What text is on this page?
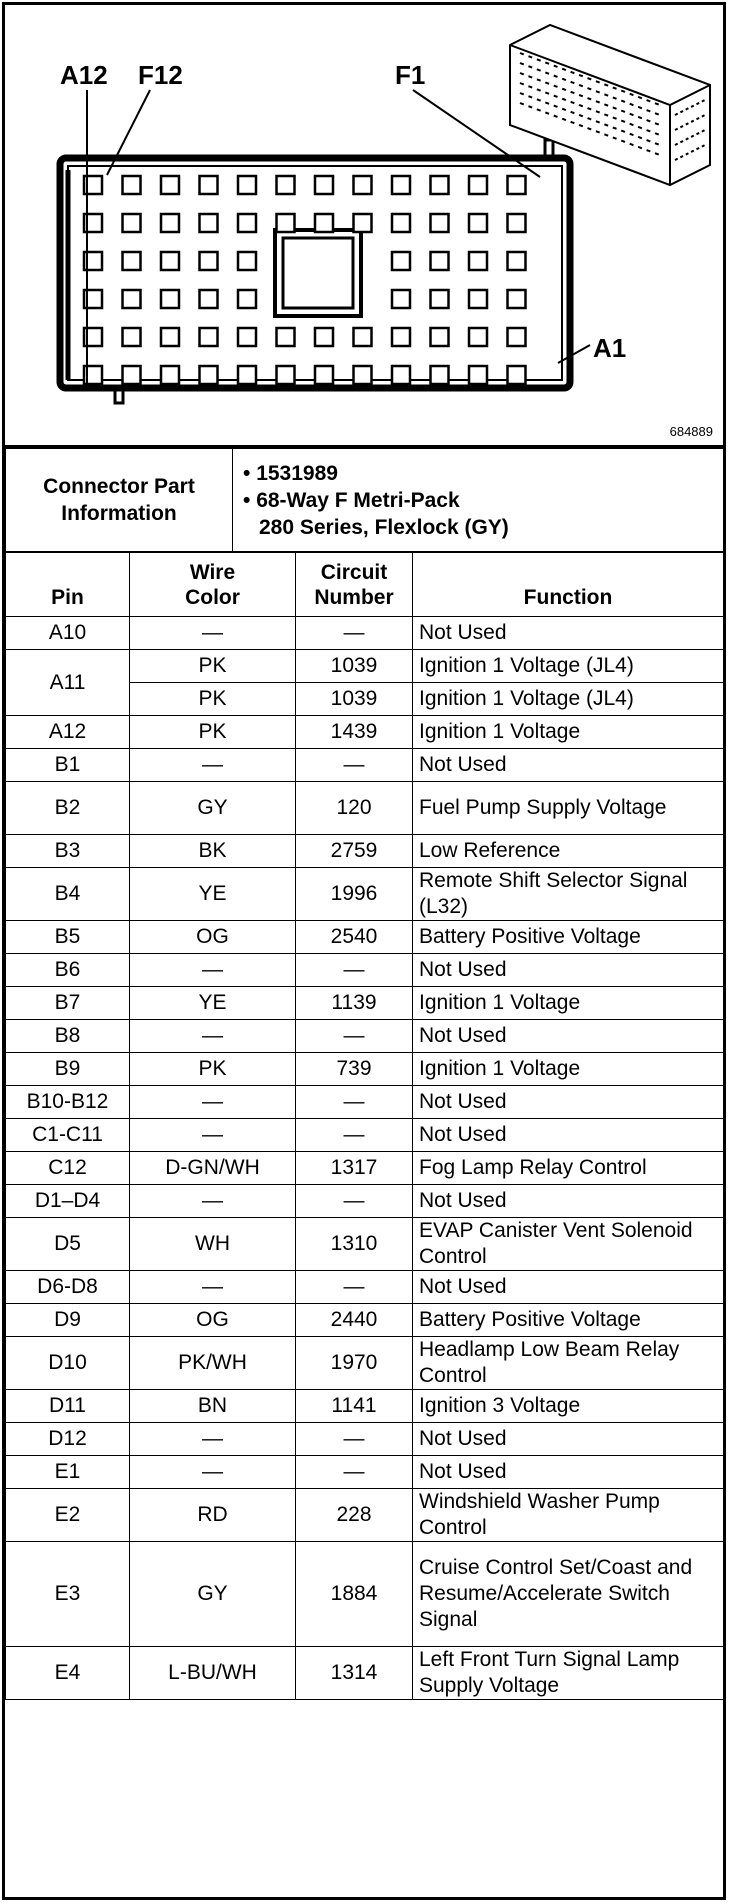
A12 F12	F1
A1
684889
Connector Part Information	
• 1531989
• 68-Way F Metri-Pack
280 Series, Flexlock (GY)
Pin	Wire Color	Circuit Number	Function
A10	—	—	Not Used
A11	PK	1039	Ignition 1 Voltage (JL4)
	PK	1039	Ignition 1 Voltage (JL4)
A12	PK	1439	Ignition 1 Voltage
B1	—	—	Not Used
B2	GY	120	Fuel Pump Supply Voltage
B3	BK	2759	Low Reference
B4	YE	1996	Remote Shift Selector Signal (L32)
B5	OG	2540	Battery Positive Voltage
B6	—	—	Not Used
B7	YE	1139	Ignition 1 Voltage
B8	—	—	Not Used
B9	PK	739	Ignition 1 Voltage
B10-B12	—	—	Not Used
C1-C11	—	—	Not Used
C12	D-GN/WH	1317	Fog Lamp Relay Control
D1–D4	—	—	Not Used
D5	WH	1310	EVAP Canister Vent Solenoid Control
D6-D8	—	—	Not Used
D9	OG	2440	Battery Positive Voltage
D10	PK/WH	1970	Headlamp Low Beam Relay Control
D11	BN	1141	Ignition 3 Voltage
D12	—	—	Not Used
E1	—	—	Not Used
E2	RD	228	Windshield Washer Pump Control
E3	GY	1884	Cruise Control Set/Coast and Resume/Accelerate Switch Signal
E4	L-BU/WH	1314	Left Front Turn Signal Lamp Supply Voltage
